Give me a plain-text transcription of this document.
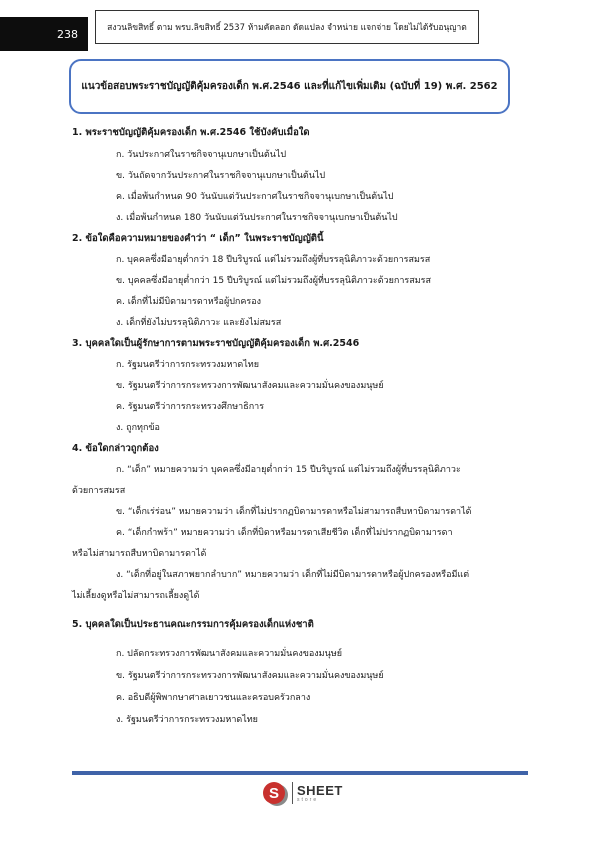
238	สงวนลิขสิทธิ์ ตาม พรบ.ลิขสิทธิ์ 2537 ห้ามคัดลอก ดัดแปลง จำหน่าย แจกจ่าย โดยไม่ได้รับอนุญาต
แนวข้อสอบพระราชบัญญัติคุ้มครองเด็ก พ.ศ.2546 และที่แก้ไขเพิ่มเติม (ฉบับที่ 19) พ.ศ. 2562
1. พระราชบัญญัติคุ้มครองเด็ก พ.ศ.2546 ใช้บังคับเมื่อใด
ก. วันประกาศในราชกิจจานุเบกษาเป็นต้นไป
ข. วันถัดจากวันประกาศในราชกิจจานุเบกษาเป็นต้นไป
ค. เมื่อพ้นกำหนด 90 วันนับแต่วันประกาศในราชกิจจานุเบกษาเป็นต้นไป
ง. เมื่อพ้นกำหนด 180 วันนับแต่วันประกาศในราชกิจจานุเบกษาเป็นต้นไป
2. ข้อใดคือความหมายของคำว่า “ เด็ก” ในพระราชบัญญัตินี้
ก. บุคคลซึ่งมีอายุต่ำกว่า 18 ปีบริบูรณ์ แต่ไม่รวมถึงผู้ที่บรรลุนิติภาวะด้วยการสมรส
ข. บุคคลซึ่งมีอายุต่ำกว่า 15 ปีบริบูรณ์ แต่ไม่รวมถึงผู้ที่บรรลุนิติภาวะด้วยการสมรส
ค. เด็กที่ไม่มีบิดามารดาหรือผู้ปกครอง
ง. เด็กที่ยังไม่บรรลุนิติภาวะ และยังไม่สมรส
3. บุคคลใดเป็นผู้รักษาการตามพระราชบัญญัติคุ้มครองเด็ก พ.ศ.2546
ก. รัฐมนตรีว่าการกระทรวงมหาดไทย
ข. รัฐมนตรีว่าการกระทรวงการพัฒนาสังคมและความมั่นคงของมนุษย์
ค. รัฐมนตรีว่าการกระทรวงศึกษาธิการ
ง. ถูกทุกข้อ
4. ข้อใดกล่าวถูกต้อง
ก. “เด็ก” หมายความว่า บุคคลซึ่งมีอายุต่ำกว่า 15 ปีบริบูรณ์ แต่ไม่รวมถึงผู้ที่บรรลุนิติภาวะ
ด้วยการสมรส
ข. “เด็กเร่ร่อน” หมายความว่า เด็กที่ไม่ปรากฏบิดามารดาหรือไม่สามารถสืบหาบิดามารดาได้
ค. “เด็กกำพร้า” หมายความว่า เด็กที่บิดาหรือมารดาเสียชีวิต เด็กที่ไม่ปรากฏบิดามารดา
หรือไม่สามารถสืบหาบิดามารดาได้
ง. “เด็กที่อยู่ในสภาพยากลำบาก” หมายความว่า เด็กที่ไม่มีบิดามารดาหรือผู้ปกครองหรือมีแต่
ไม่เลี้ยงดูหรือไม่สามารถเลี้ยงดูได้
5. บุคคลใดเป็นประธานคณะกรรมการคุ้มครองเด็กแห่งชาติ
ก. ปลัดกระทรวงการพัฒนาสังคมและความมั่นคงของมนุษย์
ข. รัฐมนตรีว่าการกระทรวงการพัฒนาสังคมและความมั่นคงของมนุษย์
ค. อธิบดีผู้พิพากษาศาลเยาวชนและครอบครัวกลาง
ง. รัฐมนตรีว่าการกระทรวงมหาดไทย
S	SHEET
store
